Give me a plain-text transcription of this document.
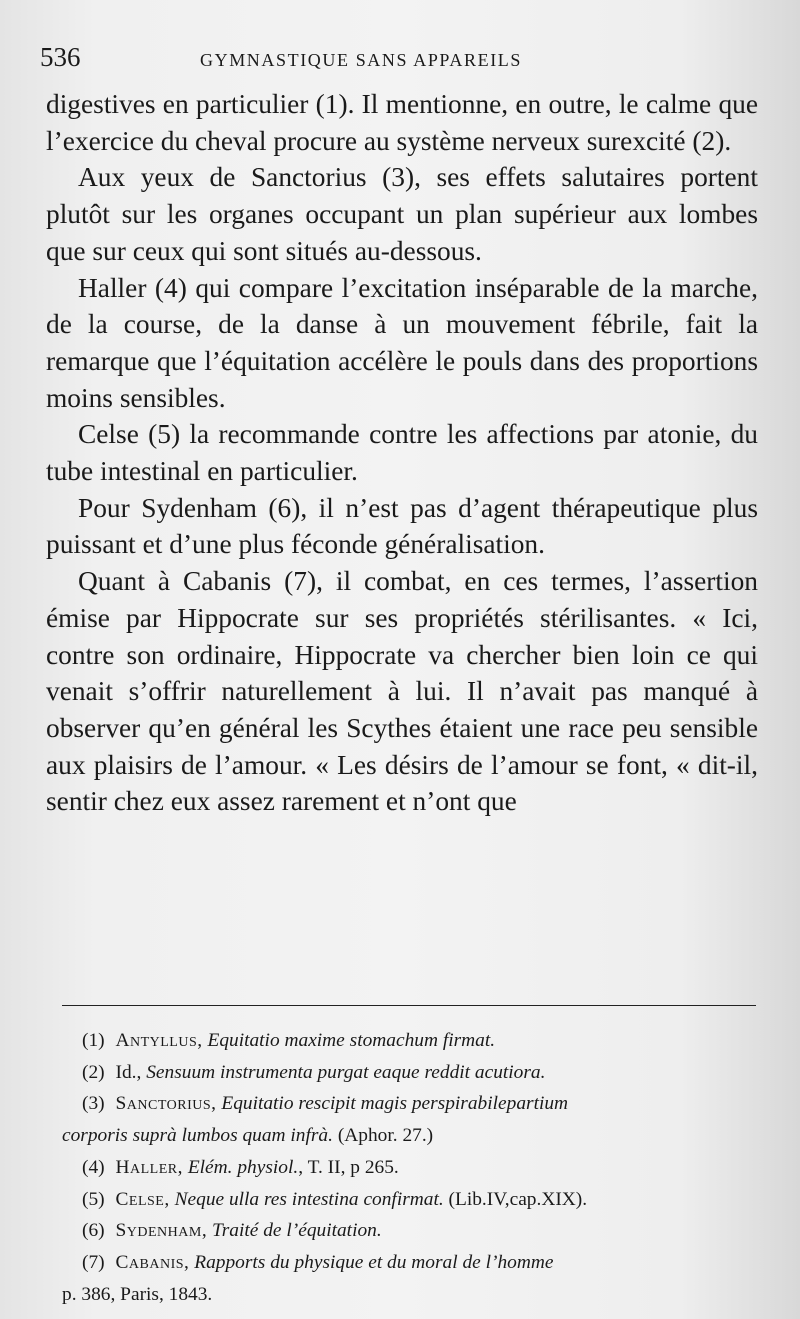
536	GYMNASTIQUE SANS APPAREILS

digestives en particulier (1). Il mentionne, en outre, le calme que l’exercice du cheval procure au système nerveux surexcité (2).

Aux yeux de Sanctorius (3), ses effets salutaires portent plutôt sur les organes occupant un plan supérieur aux lombes que sur ceux qui sont situés au-dessous.

Haller (4) qui compare l’excitation inséparable de la marche, de la course, de la danse à un mouvement fébrile, fait la remarque que l’équitation accélère le pouls dans des proportions moins sensibles.

Celse (5) la recommande contre les affections par atonie, du tube intestinal en particulier.

Pour Sydenham (6), il n’est pas d’agent thérapeutique plus puissant et d’une plus féconde généralisation.

Quant à Cabanis (7), il combat, en ces termes, l’assertion émise par Hippocrate sur ses propriétés stérilisantes. « Ici, contre son ordinaire, Hippocrate va chercher bien loin ce qui venait s’offrir naturellement à lui. Il n’avait pas manqué à observer qu’en général les Scythes étaient une race peu sensible aux plaisirs de l’amour. « Les désirs de l’amour se font, « dit-il, sentir chez eux assez rarement et n’ont que

(1) Antyllus, Equitatio maxime stomachum firmat.
(2) Id., Sensuum instrumenta purgat eaque reddit acutiora.
(3) Sanctorius, Equitatio rescipit magis perspirabilepartium
corporis suprà lumbos quam infrà. (Aphor. 27.)
(4) Haller, Elém. physiol., T. II, p 265.
(5) Celse, Neque ulla res intestina confirmat. (Lib.IV,cap.XIX).
(6) Sydenham, Traité de l’équitation.
(7) Cabanis, Rapports du physique et du moral de l’homme
p. 386, Paris, 1843.
